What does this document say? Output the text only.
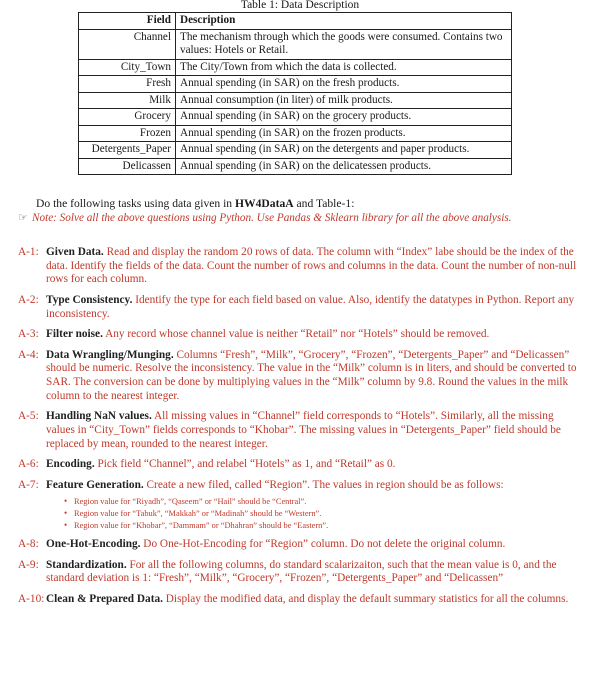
Table 1: Data Description
Field	Description
Channel	The mechanism through which the goods were consumed. Contains two values: Hotels or Retail.
City_Town	The City/Town from which the data is collected.
Fresh	Annual spending (in SAR) on the fresh products.
Milk	Annual consumption (in liter) of milk products.
Grocery	Annual spending (in SAR) on the grocery products.
Frozen	Annual spending (in SAR) on the frozen products.
Detergents_Paper	Annual spending (in SAR) on the detergents and paper products.
Delicassen	Annual spending (in SAR) on the delicatessen products.
Do the following tasks using data given in HW4DataA and Table-1:
☞ Note: Solve all the above questions using Python. Use Pandas & Sklearn library for all the above analysis.
A-1: Given Data. Read and display the random 20 rows of data. The column with “Index” labe should be the index of the data. Identify the fields of the data. Count the number of rows and columns in the data. Count the number of non-null rows for each column.
A-2: Type Consistency. Identify the type for each field based on value. Also, identify the datatypes in Python. Report any inconsistency.
A-3: Filter noise. Any record whose channel value is neither “Retail” nor “Hotels” should be removed.
A-4: Data Wrangling/Munging. Columns “Fresh”, “Milk”, “Grocery”, “Frozen”, “Detergents_Paper” and “Delicassen” should be numeric. Resolve the inconsistency. The value in the “Milk” column is in liters, and should be converted to SAR. The conversion can be done by multiplying values in the “Milk” column by 9.8. Round the values in the milk column to the nearest integer.
A-5: Handling NaN values. All missing values in “Channel” field corresponds to “Hotels”. Similarly, all the missing values in “City_Town” fields corresponds to “Khobar”. The missing values in “Detergents_Paper” field should be replaced by mean, rounded to the nearest integer.
A-6: Encoding. Pick field “Channel”, and relabel “Hotels” as 1, and “Retail” as 0.
A-7: Feature Generation. Create a new filed, called “Region”. The values in region should be as follows:
• Region value for “Riyadh”, “Qaseem” or “Hail” should be “Central”.
• Region value for “Tabuk”, “Makkah” or “Madinah” should be “Western”.
• Region value for “Khobar”, “Dammam” or “Dhahran” should be “Eastern”.
A-8: One-Hot-Encoding. Do One-Hot-Encoding for “Region” column. Do not delete the original column.
A-9: Standardization. For all the following columns, do standard scalarizaiton, such that the mean value is 0, and the standard deviation is 1: “Fresh”, “Milk”, “Grocery”, “Frozen”, “Detergents_Paper” and “Delicassen”
A-10: Clean & Prepared Data. Display the modified data, and display the default summary statistics for all the columns.
